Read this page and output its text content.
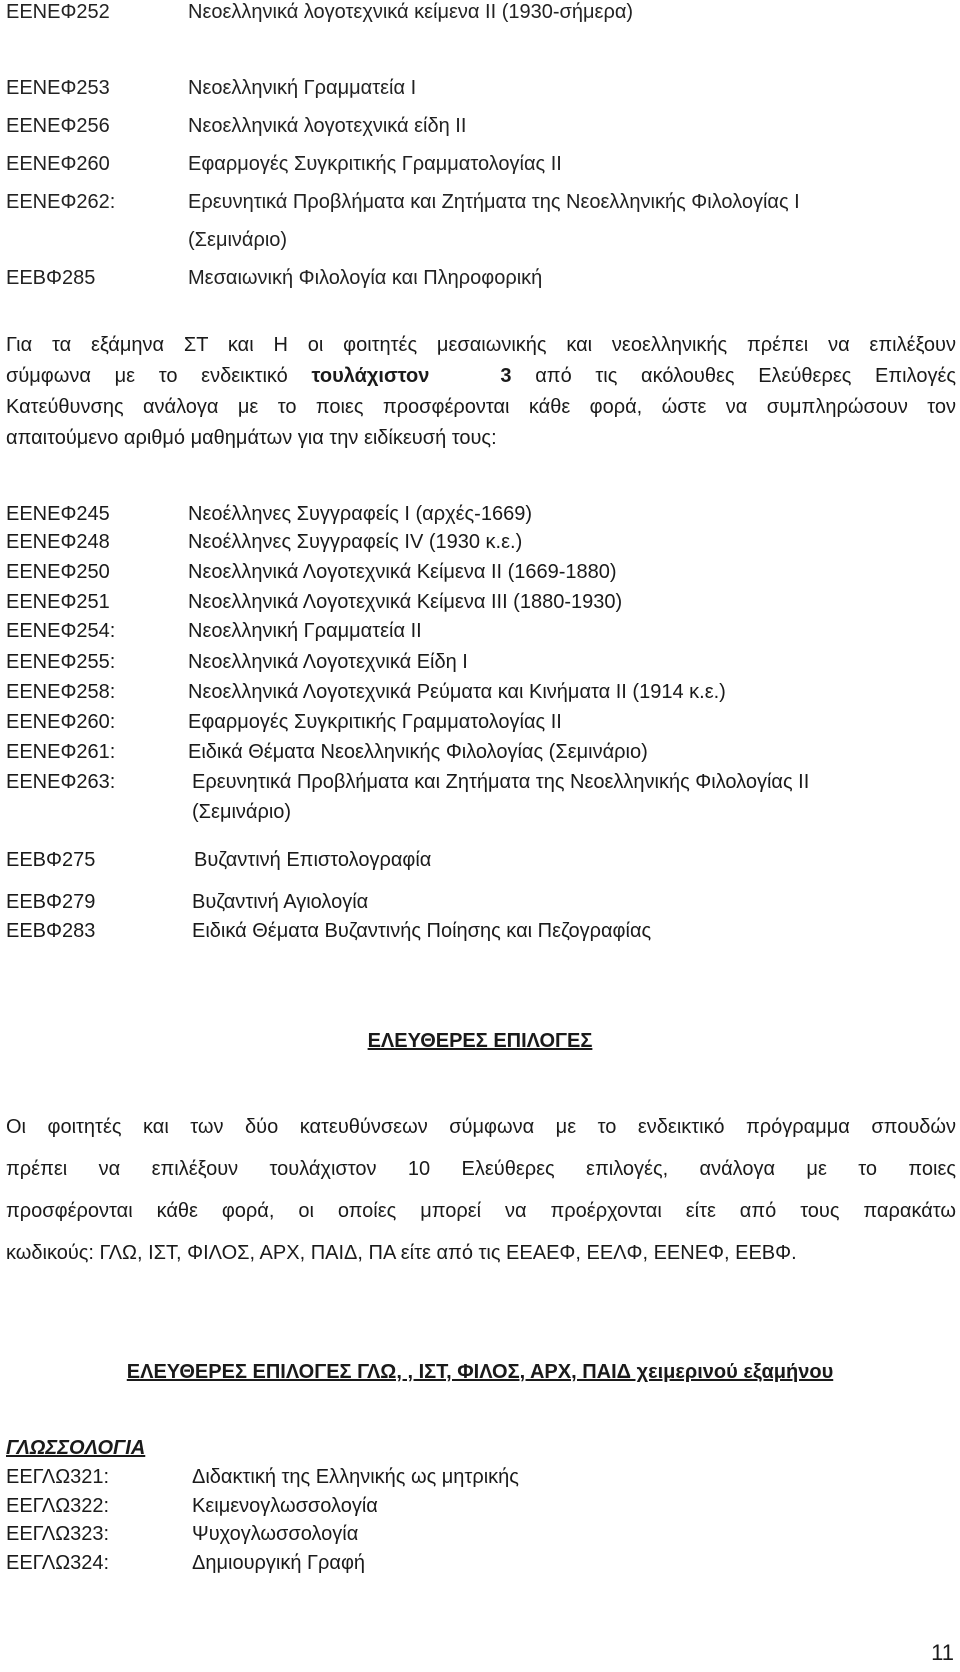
ΕΕΝΕΦ252	Νεοελληνικά λογοτεχνικά κείμενα ΙΙ (1930-σήμερα)
ΕΕΝΕΦ253	Νεοελληνική Γραμματεία Ι
ΕΕΝΕΦ256	Νεοελληνικά λογοτεχνικά είδη ΙΙ
ΕΕΝΕΦ260	Εφαρμογές Συγκριτικής Γραμματολογίας ΙΙ
ΕΕΝΕΦ262:	Ερευνητικά Προβλήματα και Ζητήματα της Νεοελληνικής Φιλολογίας Ι
(Σεμινάριο)
ΕΕΒΦ285	Μεσαιωνική Φιλολογία και Πληροφορική
Για τα εξάμηνα ΣΤ και Η οι φοιτητές μεσαιωνικής και νεοελληνικής πρέπει να επιλέξουν
σύμφωνα με το ενδεικτικό τουλάχιστον	3 από τις ακόλουθες Ελεύθερες Επιλογές
Κατεύθυνσης ανάλογα με το ποιες προσφέρονται κάθε φορά, ώστε να συμπληρώσουν τον
απαιτούμενο αριθμό μαθημάτων για την ειδίκευσή τους:
ΕΕΝΕΦ245	Νεοέλληνες Συγγραφείς Ι (αρχές-1669)
ΕΕΝΕΦ248	Νεοέλληνες Συγγραφείς IV (1930 κ.ε.)
ΕΕΝΕΦ250	Νεοελληνικά Λογοτεχνικά Κείμενα ΙΙ (1669-1880)
ΕΕΝΕΦ251	Νεοελληνικά Λογοτεχνικά Κείμενα ΙΙΙ (1880-1930)
ΕΕΝΕΦ254:	Νεοελληνική Γραμματεία ΙΙ
ΕΕΝΕΦ255:	Νεοελληνικά Λογοτεχνικά Είδη Ι
ΕΕΝΕΦ258:	Νεοελληνικά Λογοτεχνικά Ρεύματα και Κινήματα ΙΙ (1914 κ.ε.)
ΕΕΝΕΦ260:	Εφαρμογές Συγκριτικής Γραμματολογίας ΙΙ
ΕΕΝΕΦ261:	Ειδικά Θέματα Νεοελληνικής Φιλολογίας (Σεμινάριο)
ΕΕΝΕΦ263:	Ερευνητικά Προβλήματα και Ζητήματα της Νεοελληνικής Φιλολογίας ΙΙ
(Σεμινάριο)
ΕΕΒΦ275	Βυζαντινή Επιστολογραφία
ΕΕΒΦ279	Βυζαντινή Αγιολογία
ΕΕΒΦ283	Ειδικά Θέματα Βυζαντινής Ποίησης και Πεζογραφίας
ΕΛΕΥΘΕΡΕΣ ΕΠΙΛΟΓΕΣ
Οι φοιτητές και των δύο κατευθύνσεων σύμφωνα με το ενδεικτικό πρόγραμμα σπουδών
πρέπει να επιλέξουν τουλάχιστον 10 Ελεύθερες επιλογές, ανάλογα με το ποιες
προσφέρονται κάθε φορά, οι οποίες μπορεί να προέρχονται είτε από τους παρακάτω
κωδικούς: ΓΛΩ, ΙΣΤ, ΦΙΛΟΣ, ΑΡΧ, ΠΑΙΔ, ΠΑ είτε από τις ΕΕΑΕΦ, ΕΕΛΦ, ΕΕΝΕΦ, ΕΕΒΦ.
ΕΛΕΥΘΕΡΕΣ ΕΠΙΛΟΓΕΣ ΓΛΩ, , ΙΣΤ, ΦΙΛΟΣ, ΑΡΧ, ΠΑΙΔ χειμερινού εξαμήνου
ΓΛΩΣΣΟΛΟΓΙΑ
ΕΕΓΛΩ321:	Διδακτική της Ελληνικής ως μητρικής
ΕΕΓΛΩ322:	Κειμενογλωσσολογία
ΕΕΓΛΩ323:	Ψυχογλωσσολογία
ΕΕΓΛΩ324:	Δημιουργική Γραφή
11
